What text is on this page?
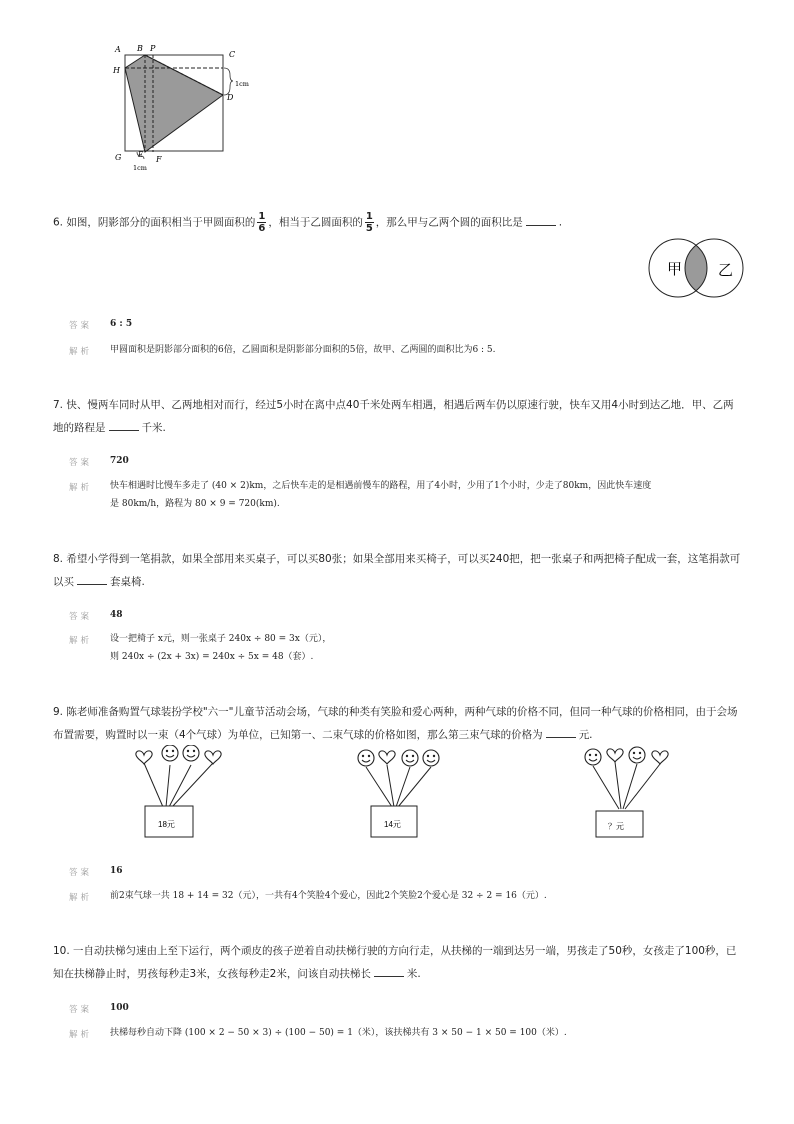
A B P
C
H
D
1cm
G E F
1cm
6. 如图，阴影部分的面积相当于甲圆面积的 $\frac{1}{6}$ ，相当于乙圆面积的 $\frac{1}{5}$ ，那么甲与乙两个圆的面积比是	.
甲 乙
答案 6 : 5
解析 甲圆面积是阴影部分面积的6倍，乙圆面积是阴影部分面积的5倍，故甲、乙两圆的面积比为6 : 5.
7. 快、慢两车同时从甲、乙两地相对而行，经过5小时在离中点40千米处两车相遇，相遇后两车仍以原速行驶，快车又用4小时到达乙地．甲、乙两
地的路程是	千米.
答案 720
解析 快车相遇时比慢车多走了 (40 × 2)km，之后快车走的是相遇前慢车的路程，用了4小时，少用了1个小时，少走了80km，因此快车速度
是 80km/h，路程为 80 × 9 = 720(km).
8. 希望小学得到一笔捐款，如果全部用来买桌子，可以买80张；如果全部用来买椅子，可以买240把，把一张桌子和两把椅子配成一套，这笔捐款可
以买	套桌椅.
答案 48
解析 设一把椅子 x元，则一张桌子 240x ÷ 80 = 3x（元），
则 240x ÷ (2x + 3x) = 240x ÷ 5x = 48（套）.
9. 陈老师准备购置气球装扮学校"六一"儿童节活动会场，气球的种类有笑脸和爱心两种，两种气球的价格不同，但同一种气球的价格相同，由于会场
布置需要，购置时以一束（4个气球）为单位，已知第一、二束气球的价格如图，那么第三束气球的价格为	元.
18元	14元	？元
答案 16
解析 前2束气球一共 18 + 14 = 32（元），一共有4个笑脸4个爱心，因此2个笑脸2个爱心是 32 ÷ 2 = 16（元）.
10. 一自动扶梯匀速由上至下运行，两个顽皮的孩子逆着自动扶梯行驶的方向行走，从扶梯的一端到达另一端，男孩走了50秒，女孩走了100秒，已
知在扶梯静止时，男孩每秒走3米，女孩每秒走2米，问该自动扶梯长	米.
答案 100
解析 扶梯每秒自动下降 (100 × 2 − 50 × 3) ÷ (100 − 50) = 1（米），该扶梯共有 3 × 50 − 1 × 50 = 100（米）.
